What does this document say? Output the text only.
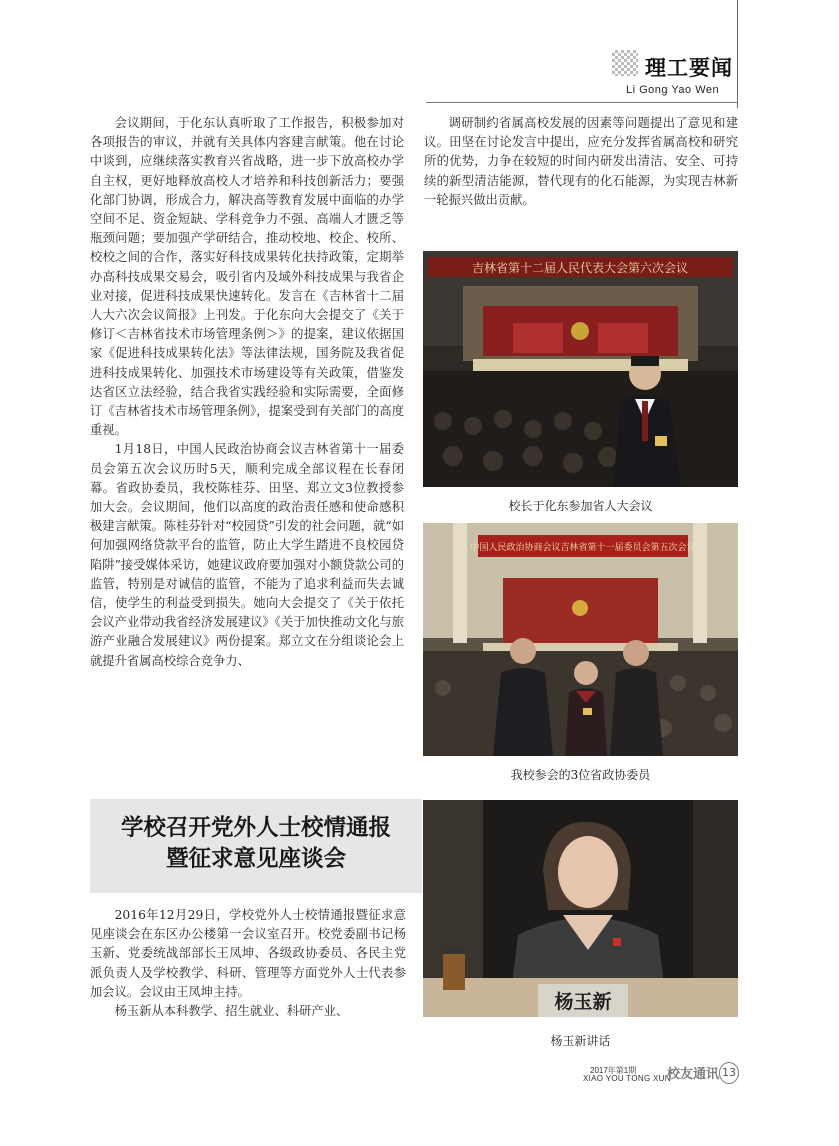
理工要闻
Li Gong Yao Wen

会议期间，于化东认真听取了工作报告，积极参加对各项报告的审议，并就有关具体内容建言献策。他在讨论中谈到，应继续落实教育兴省战略，进一步下放高校办学自主权，更好地释放高校人才培养和科技创新活力；要强化部门协调，形成合力，解决高等教育发展中面临的办学空间不足、资金短缺、学科竞争力不强、高端人才匮乏等瓶颈问题；要加强产学研结合，推动校地、校企、校所、校校之间的合作，落实好科技成果转化扶持政策，定期举办高科技成果交易会，吸引省内及域外科技成果与我省企业对接，促进科技成果快速转化。发言在《吉林省十二届人大六次会议简报》上刊发。于化东向大会提交了《关于修订＜吉林省技术市场管理条例＞》的提案，建议依据国家《促进科技成果转化法》等法律法规，国务院及我省促进科技成果转化、加强技术市场建设等有关政策，借鉴发达省区立法经验，结合我省实践经验和实际需要，全面修订《吉林省技术市场管理条例》，提案受到有关部门的高度重视。

1月18日，中国人民政治协商会议吉林省第十一届委员会第五次会议历时5天，顺利完成全部议程在长春闭幕。省政协委员，我校陈桂芬、田坚、郑立文3位教授参加大会。会议期间，他们以高度的政治责任感和使命感积极建言献策。陈桂芬针对“校园贷”引发的社会问题，就“如何加强网络贷款平台的监管，防止大学生踏进不良校园贷陷阱”接受媒体采访，她建议政府要加强对小额贷款公司的监管，特别是对诚信的监管，不能为了追求利益而失去诚信，使学生的利益受到损失。她向大会提交了《关于依托会议产业带动我省经济发展建议》《关于加快推动文化与旅游产业融合发展建议》两份提案。郑立文在分组谈论会上就提升省属高校综合竞争力、

调研制约省属高校发展的因素等问题提出了意见和建议。田坚在讨论发言中提出，应充分发挥省属高校和研究所的优势，力争在较短的时间内研发出清洁、安全、可持续的新型清洁能源，替代现有的化石能源，为实现吉林新一轮振兴做出贡献。

吉林省第十二届人民代表大会第六次会议
校长于化东参加省人大会议
中国人民政治协商会议吉林省第十一届委员会第五次会议
我校参会的3位省政协委员
学校召开党外人士校情通报
暨征求意见座谈会
杨玉新
杨玉新讲话

2016年12月29日，学校党外人士校情通报暨征求意见座谈会在东区办公楼第一会议室召开。校党委副书记杨玉新、党委统战部部长王凤坤、各级政协委员、各民主党派负责人及学校教学、科研、管理等方面党外人士代表参加会议。会议由王凤坤主持。

杨玉新从本科教学、招生就业、科研产业、

2017年第1期
XIAO YOU TONG XUN
校友通讯 13
